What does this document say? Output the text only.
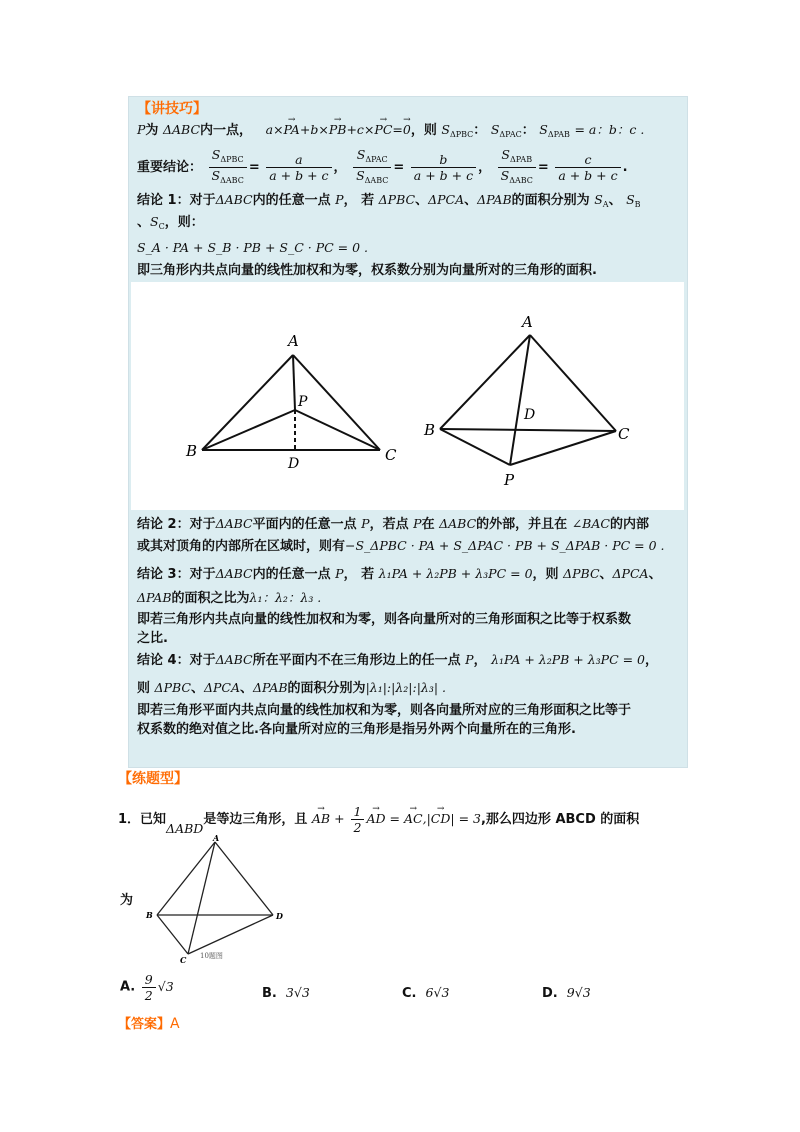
【讲技巧】
P为 ΔABC内一点， a×→ PA+b×→ PB+c×→ PC=→ 0，则 $S_{\Delta PBC}$： $S_{\Delta PAC}$： $S_{\Delta PAB} = a$：b：c .
重要结论： $\frac{S_{\Delta PBC}}{S_{\Delta ABC}} = \frac{a}{a + b + c}$ ， $\frac{S_{\Delta PAC}}{S_{\Delta ABC}} = \frac{b}{a + b + c}$ ， $\frac{S_{\Delta PAB}}{S_{\Delta ABC}} = \frac{c}{a + b + c}$ .
结论 1：对于ΔABC内的任意一点 P， 若 ΔPBC、ΔPCA、ΔPAB的面积分别为 $S_A$、 $S_B$
、$S_C$，则：
S_A · PA + S_B · PB + S_C · PC = 0 .
即三角形内共点向量的线性加权和为零，权系数分别为向量所对的三角形的面积.
A
B	C
P
D
A
B	C
P
D
结论 2：对于ΔABC平面内的任意一点 P，若点 P在 ΔABC的外部，并且在 ∠BAC的内部
或其对顶角的内部所在区域时，则有−S_ΔPBC · PA + S_ΔPAC · PB + S_ΔPAB · PC = 0 .
结论 3：对于ΔABC内的任意一点 P， 若 λ₁PA + λ₂PB + λ₃PC = 0，则 ΔPBC、ΔPCA、
ΔPAB的面积之比为λ₁：λ₂：λ₃ .
即若三角形内共点向量的线性加权和为零，则各向量所对的三角形面积之比等于权系数
之比.
结论 4：对于ΔABC所在平面内不在三角形边上的任一点 P， λ₁PA + λ₂PB + λ₃PC = 0，
则 ΔPBC、ΔPCA、ΔPAB的面积分别为|λ₁|:|λ₂|:|λ₃| .
即若三角形平面内共点向量的线性加权和为零，则各向量所对应的三角形面积之比等于
权系数的绝对值之比.各向量所对应的三角形是指另外两个向量所在的三角形.
【练题型】
1．已知ΔABD是等边三角形，且 → AB + $\frac{1}{2}$ → AD = → AC,|→ CD| = 3,那么四边形 ABCD 的面积
为
A
B	D
C 10题图
A. $\frac{9}{2} √3$	B. 3√3	C. 6√3	D. 9√3
【答案】A
